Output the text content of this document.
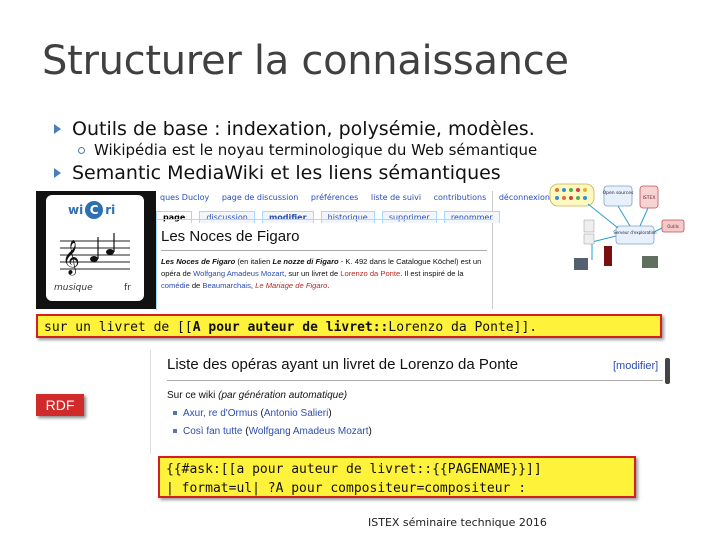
Structurer la connaissance
Outils de base : indexation, polysémie, modèles.
Wikipédia est le noyau terminologique du Web sémantique
Semantic MediaWiki et les liens sémantiques
wi C ri
𝄞
musique	fr
ques Ducloy page de discussion préférences liste de suivi contributions déconnexion
page	discussion	modifier	historique	supprimer	renommer
Les Noces de Figaro
Les Noces de Figaro (en italien Le nozze di Figaro - K. 492 dans le Catalogue Köchel) est un opéra de Wolfgang Amadeus Mozart, sur un livret de Lorenzo da Ponte. Il est inspiré de la comédie de Beaumarchais, Le Mariage de Figaro.
Open sources
ISTEX
Serveur d'exploration
Outils
sur un livret de [[A pour auteur de livret::Lorenzo da Ponte]].
Liste des opéras ayant un livret de Lorenzo da Ponte	[modifier]
Sur ce wiki (par génération automatique)
Axur, re d'Ormus (Antonio Salieri)
Così fan tutte (Wolfgang Amadeus Mozart)
RDF
{{#ask:[[a pour auteur de livret::{{PAGENAME}}]]
| format=ul| ?A pour compositeur=compositeur :
ISTEX séminaire technique 2016
